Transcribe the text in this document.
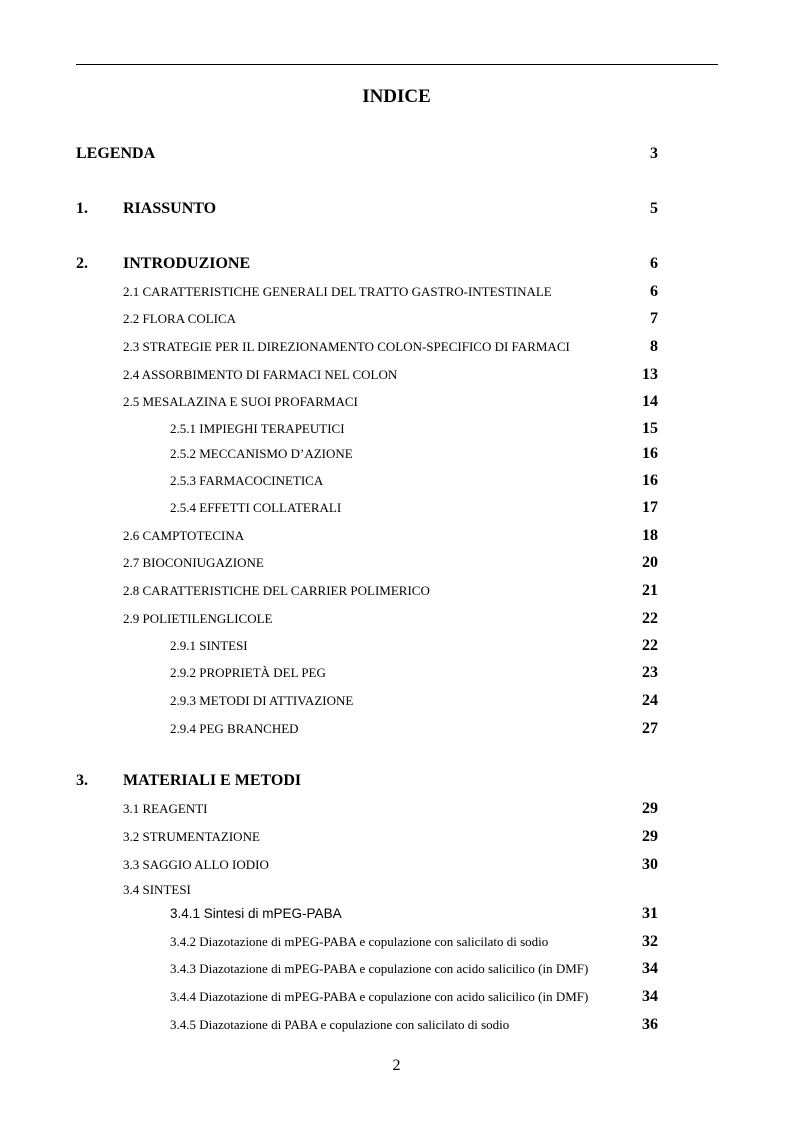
INDICE
LEGENDA	3
1. RIASSUNTO	5
2. INTRODUZIONE	6
2.1 CARATTERISTICHE GENERALI DEL TRATTO GASTRO-INTESTINALE	6
2.2 FLORA COLICA	7
2.3 STRATEGIE PER IL DIREZIONAMENTO COLON-SPECIFICO DI FARMACI	8
2.4 ASSORBIMENTO DI FARMACI NEL COLON	13
2.5 MESALAZINA E SUOI PROFARMACI	14
2.5.1 IMPIEGHI TERAPEUTICI	15
2.5.2 MECCANISMO D’AZIONE	16
2.5.3 FARMACOCINETICA	16
2.5.4 EFFETTI COLLATERALI	17
2.6 CAMPTOTECINA	18
2.7 BIOCONIUGAZIONE	20
2.8 CARATTERISTICHE DEL CARRIER POLIMERICO	21
2.9 POLIETILENGLICOLE	22
2.9.1 SINTESI	22
2.9.2 PROPRIETÀ DEL PEG	23
2.9.3 METODI DI ATTIVAZIONE	24
2.9.4 PEG BRANCHED	27
3. MATERIALI E METODI
3.1 REAGENTI	29
3.2 STRUMENTAZIONE	29
3.3 SAGGIO ALLO IODIO	30
3.4 SINTESI
3.4.1 Sintesi di mPEG-PABA	31
3.4.2 Diazotazione di mPEG-PABA e copulazione con salicilato di sodio	32
3.4.3 Diazotazione di mPEG-PABA e copulazione con acido salicilico (in DMF)	34
3.4.4 Diazotazione di mPEG-PABA e copulazione con acido salicilico (in DMF)	34
3.4.5 Diazotazione di PABA e copulazione con salicilato di sodio	36
2
